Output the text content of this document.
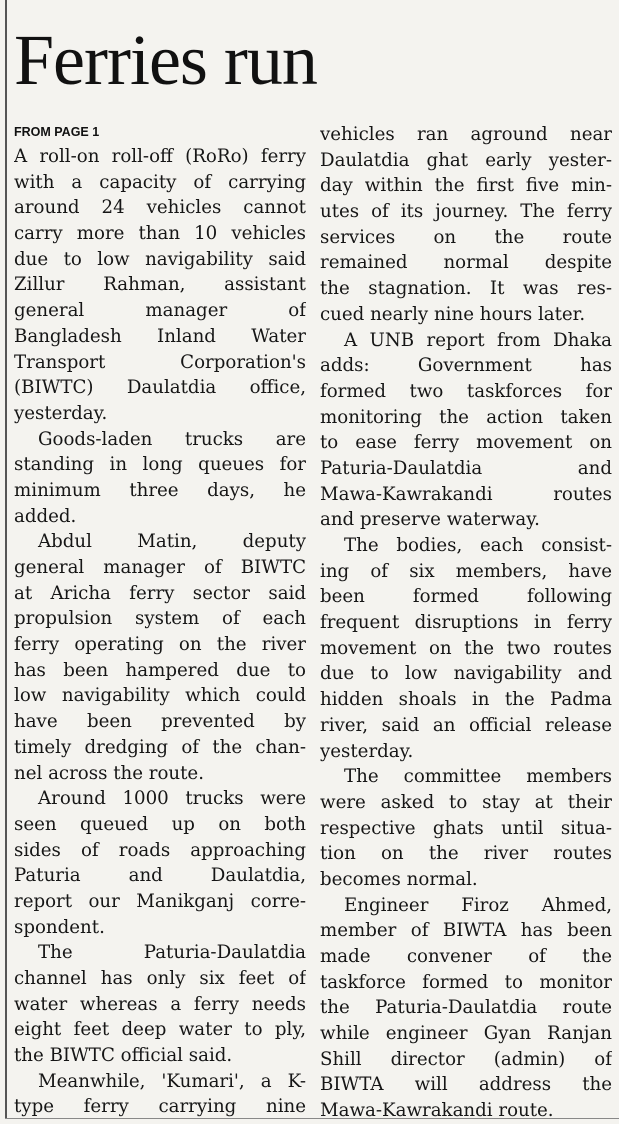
Ferries run
FROM PAGE 1
A roll-on roll-off (RoRo) ferry
with a capacity of carrying
around 24 vehicles cannot
carry more than 10 vehicles
due to low navigability said
Zillur Rahman, assistant
general manager of
Bangladesh Inland Water
Transport Corporation's
(BIWTC) Daulatdia office,
yesterday.
Goods-laden trucks are
standing in long queues for
minimum three days, he
added.
Abdul Matin, deputy
general manager of BIWTC
at Aricha ferry sector said
propulsion system of each
ferry operating on the river
has been hampered due to
low navigability which could
have been prevented by
timely dredging of the chan-
nel across the route.
Around 1000 trucks were
seen queued up on both
sides of roads approaching
Paturia and Daulatdia,
report our Manikganj corre-
spondent.
The Paturia-Daulatdia
channel has only six feet of
water whereas a ferry needs
eight feet deep water to ply,
the BIWTC official said.
Meanwhile, 'Kumari', a K-
type ferry carrying nine
vehicles ran aground near
Daulatdia ghat early yester-
day within the first five min-
utes of its journey. The ferry
services on the route
remained normal despite
the stagnation. It was res-
cued nearly nine hours later.
A UNB report from Dhaka
adds: Government has
formed two taskforces for
monitoring the action taken
to ease ferry movement on
Paturia-Daulatdia and
Mawa-Kawrakandi routes
and preserve waterway.
The bodies, each consist-
ing of six members, have
been formed following
frequent disruptions in ferry
movement on the two routes
due to low navigability and
hidden shoals in the Padma
river, said an official release
yesterday.
The committee members
were asked to stay at their
respective ghats until situa-
tion on the river routes
becomes normal.
Engineer Firoz Ahmed,
member of BIWTA has been
made convener of the
taskforce formed to monitor
the Paturia-Daulatdia route
while engineer Gyan Ranjan
Shill director (admin) of
BIWTA will address the
Mawa-Kawrakandi route.
